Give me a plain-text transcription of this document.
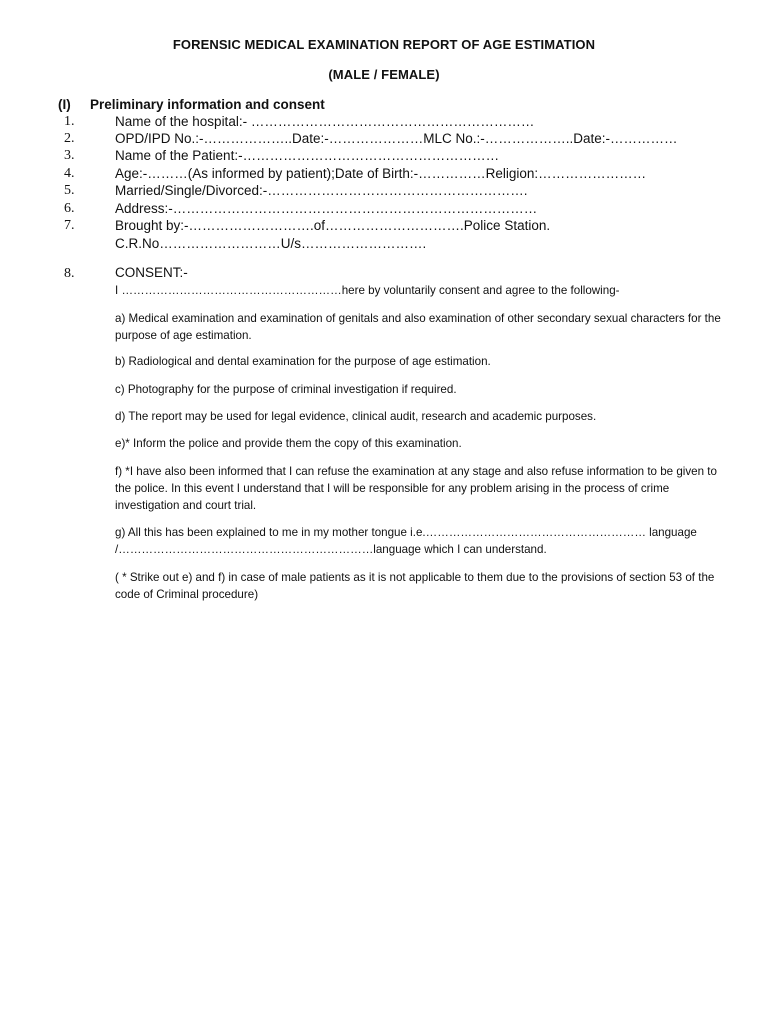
FORENSIC MEDICAL EXAMINATION REPORT OF AGE ESTIMATION
(MALE / FEMALE)
(I) Preliminary information and consent
1.	Name of the hospital:- ………………………………………………………
2.	OPD/IPD No.:-………………..Date:-…………………MLC No.:-………………..Date:-……………
3.	Name of the Patient:-…………………………………………………
4.	Age:-………(As informed by patient);Date of Birth:-……………Religion:……………………
5.	Married/Single/Divorced:-………………………………………………….
6.	Address:-………………………………………………………………………
7.	Brought by:-……………………….of………………………….Police Station.
C.R.No………………………U/s……………………….
8.	CONSENT:-
I …………………………………………………here by voluntarily consent and agree to the following-
a) Medical examination and examination of genitals and also examination of other secondary sexual characters for the purpose of age estimation.
b) Radiological and dental examination for the purpose of age estimation.
c) Photography for the purpose of criminal investigation if required.
d) The report may be used for legal evidence, clinical audit, research and academic purposes.
e)* Inform the police and provide them the copy of this examination.
f) *I have also been informed that I can refuse the examination at any stage and also refuse information to be given to the police. In this event I understand that I will be responsible for any problem arising in the process of crime investigation and court trial.
g) All this has been explained to me in my mother tongue i.e.………………………………………………… language /…………………………………………………………language which I can understand.
( * Strike out e) and f) in case of male patients as it is not applicable to them due to the provisions of section 53 of the code of Criminal procedure)
